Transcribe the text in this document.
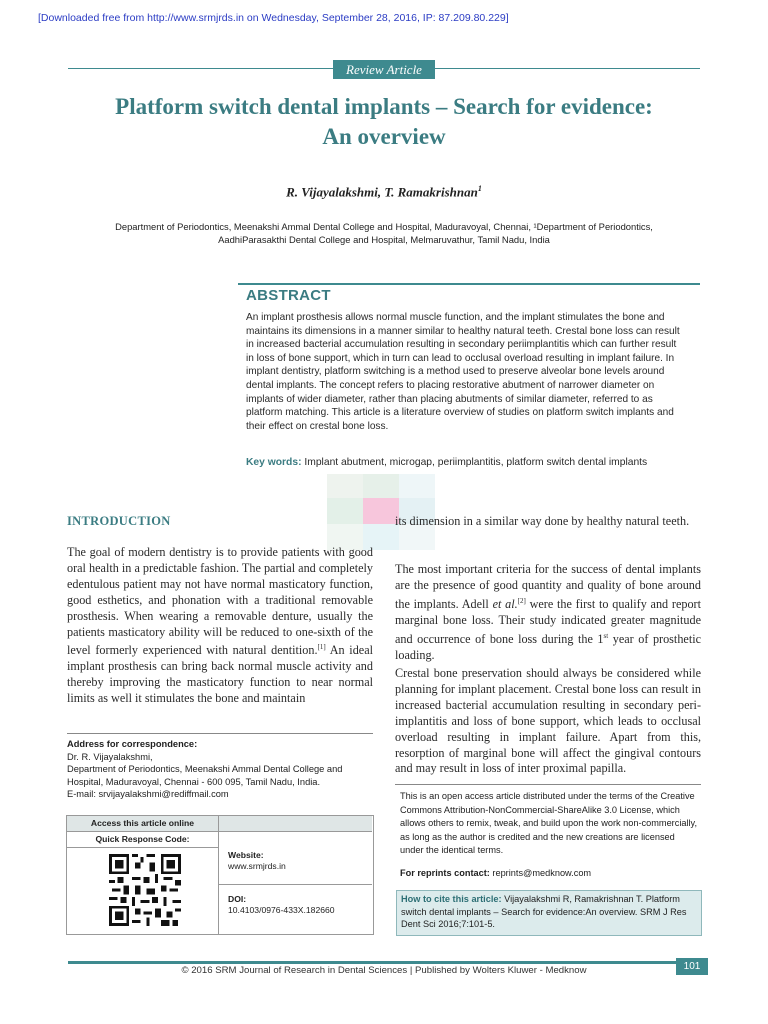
[Downloaded free from http://www.srmjrds.in on Wednesday, September 28, 2016, IP: 87.209.80.229]
Review Article
Platform switch dental implants – Search for evidence:
An overview
R. Vijayalakshmi, T. Ramakrishnan$^1$
Department of Periodontics, Meenakshi Ammal Dental College and Hospital, Maduravoyal, Chennai, ¹Department of Periodontics,
AadhiParasakthi Dental College and Hospital, Melmaruvathur, Tamil Nadu, India
ABSTRACT
An implant prosthesis allows normal muscle function, and the implant stimulates the bone and maintains its dimensions in a manner similar to healthy natural teeth. Crestal bone loss can result in increased bacterial accumulation resulting in secondary periimplantitis which can further result in loss of bone support, which in turn can lead to occlusal overload resulting in implant failure. In implant dentistry, platform switching is a method used to preserve alveolar bone levels around dental implants. The concept refers to placing restorative abutment of narrower diameter on implants of wider diameter, rather than placing abutments of similar diameter, referred to as platform matching. This article is a literature overview of studies on platform switch implants and their effect on crestal bone loss.
Key words: Implant abutment, microgap, periimplantitis, platform switch dental implants
INTRODUCTION

The goal of modern dentistry is to provide patients with good oral health in a predictable fashion. The partial and completely edentulous patient may not have normal masticatory function, good esthetics, and phonation with a traditional removable prosthesis. When wearing a removable denture, usually the patients masticatory ability will be reduced to one-sixth of the level formerly experienced with natural dentition.[1] An ideal implant prosthesis can bring back normal muscle activity and thereby improving the masticatory function to near normal limits as well it stimulates the bone and maintain

its dimension in a similar way done by healthy natural teeth.

The most important criteria for the success of dental implants are the presence of good quantity and quality of bone around the implants. Adell et al.[2] were the first to qualify and report marginal bone loss. Their study indicated greater magnitude and occurrence of bone loss during the 1st year of prosthetic loading.

Crestal bone preservation should always be considered while planning for implant placement. Crestal bone loss can result in increased bacterial accumulation resulting in secondary peri-implantitis and loss of bone support, which leads to occlusal overload resulting in implant failure. Apart from this, resorption of marginal bone will affect the gingival contours and may result in loss of inter proximal papilla.

Address for correspondence:
Dr. R. Vijayalakshmi,
Department of Periodontics, Meenakshi Ammal Dental College and
Hospital, Maduravoyal, Chennai - 600 095, Tamil Nadu, India.
E-mail: srvijayalakshmi@rediffmail.com
Access this article online
Quick Response Code:
Website:
www.srmjrds.in
DOI:
10.4103/0976-433X.182660
This is an open access article distributed under the terms of the Creative Commons Attribution-NonCommercial-ShareAlike 3.0 License, which allows others to remix, tweak, and build upon the work non-commercially, as long as the author is credited and the new creations are licensed under the identical terms.
For reprints contact: reprints@medknow.com
How to cite this article: Vijayalakshmi R, Ramakrishnan T. Platform switch dental implants – Search for evidence:An overview. SRM J Res Dent Sci 2016;7:101-5.
101
© 2016 SRM Journal of Research in Dental Sciences | Published by Wolters Kluwer - Medknow
